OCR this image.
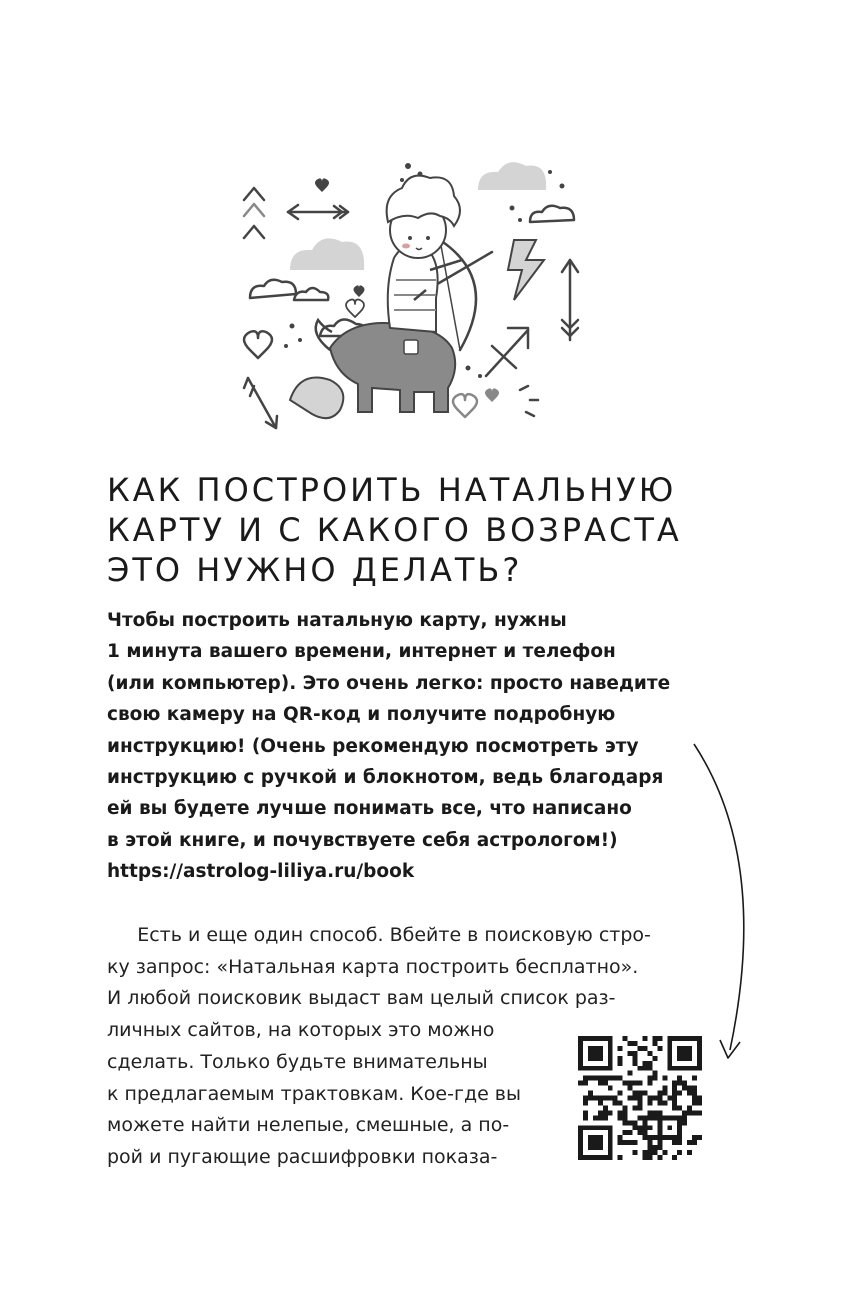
КАК ПОСТРОИТЬ НАТАЛЬНУЮ
КАРТУ И С КАКОГО ВОЗРАСТА
ЭТО НУЖНО ДЕЛАТЬ?
Чтобы построить натальную карту, нужны
1 минута вашего времени, интернет и телефон
(или компьютер). Это очень легко: просто наведите
свою камеру на QR-код и получите подробную
инструкцию! (Очень рекомендую посмотреть эту
инструкцию с ручкой и блокнотом, ведь благодаря
ей вы будете лучше понимать все, что написано
в этой книге, и почувствуете себя астрологом!)
https://astrolog-liliya.ru/book
Есть и еще один способ. Вбейте в поисковую стро-
ку запрос: «Натальная карта построить бесплатно».
И любой поисковик выдаст вам целый список раз-
личных сайтов, на которых это можно
сделать. Только будьте внимательны
к предлагаемым трактовкам. Кое-где вы
можете найти нелепые, смешные, а по-
рой и пугающие расшифровки показа-
